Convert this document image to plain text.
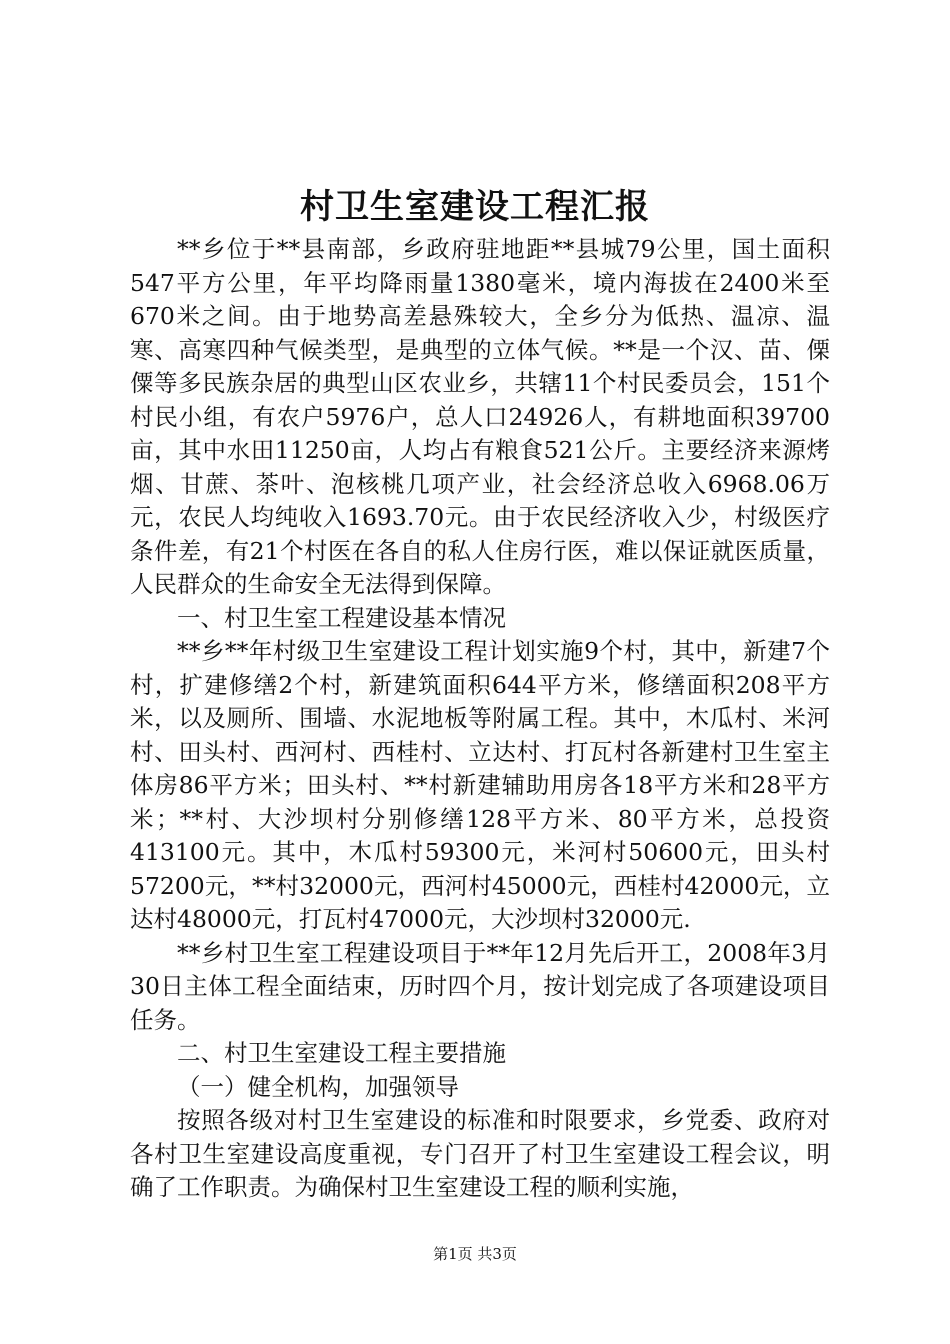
村卫生室建设工程汇报

**乡位于**县南部，乡政府驻地距**县城79公里，国土面积547平方公里，年平均降雨量1380毫米，境内海拔在2400米至670米之间。由于地势高差悬殊较大，全乡分为低热、温凉、温寒、高寒四种气候类型，是典型的立体气候。**是一个汉、苗、傈僳等多民族杂居的典型山区农业乡，共辖11个村民委员会，151个村民小组，有农户5976户，总人口24926人，有耕地面积39700亩，其中水田11250亩，人均占有粮食521公斤。主要经济来源烤烟、甘蔗、茶叶、泡核桃几项产业，社会经济总收入6968.06万元，农民人均纯收入1693.70元。由于农民经济收入少，村级医疗条件差，有21个村医在各自的私人住房行医，难以保证就医质量，人民群众的生命安全无法得到保障。

一、村卫生室工程建设基本情况

**乡**年村级卫生室建设工程计划实施9个村，其中，新建7个村，扩建修缮2个村，新建筑面积644平方米，修缮面积208平方米，以及厕所、围墙、水泥地板等附属工程。其中，木瓜村、米河村、田头村、西河村、西桂村、立达村、打瓦村各新建村卫生室主体房86平方米；田头村、**村新建辅助用房各18平方米和28平方米；**村、大沙坝村分别修缮128平方米、80平方米，总投资413100元。其中，木瓜村59300元，米河村50600元，田头村57200元，**村32000元，西河村45000元，西桂村42000元，立达村48000元，打瓦村47000元，大沙坝村32000元.

**乡村卫生室工程建设项目于**年12月先后开工，2008年3月30日主体工程全面结束，历时四个月，按计划完成了各项建设项目任务。

二、村卫生室建设工程主要措施

（一）健全机构，加强领导

按照各级对村卫生室建设的标准和时限要求，乡党委、政府对各村卫生室建设高度重视，专门召开了村卫生室建设工程会议，明确了工作职责。为确保村卫生室建设工程的顺利实施，

第1页 共3页
